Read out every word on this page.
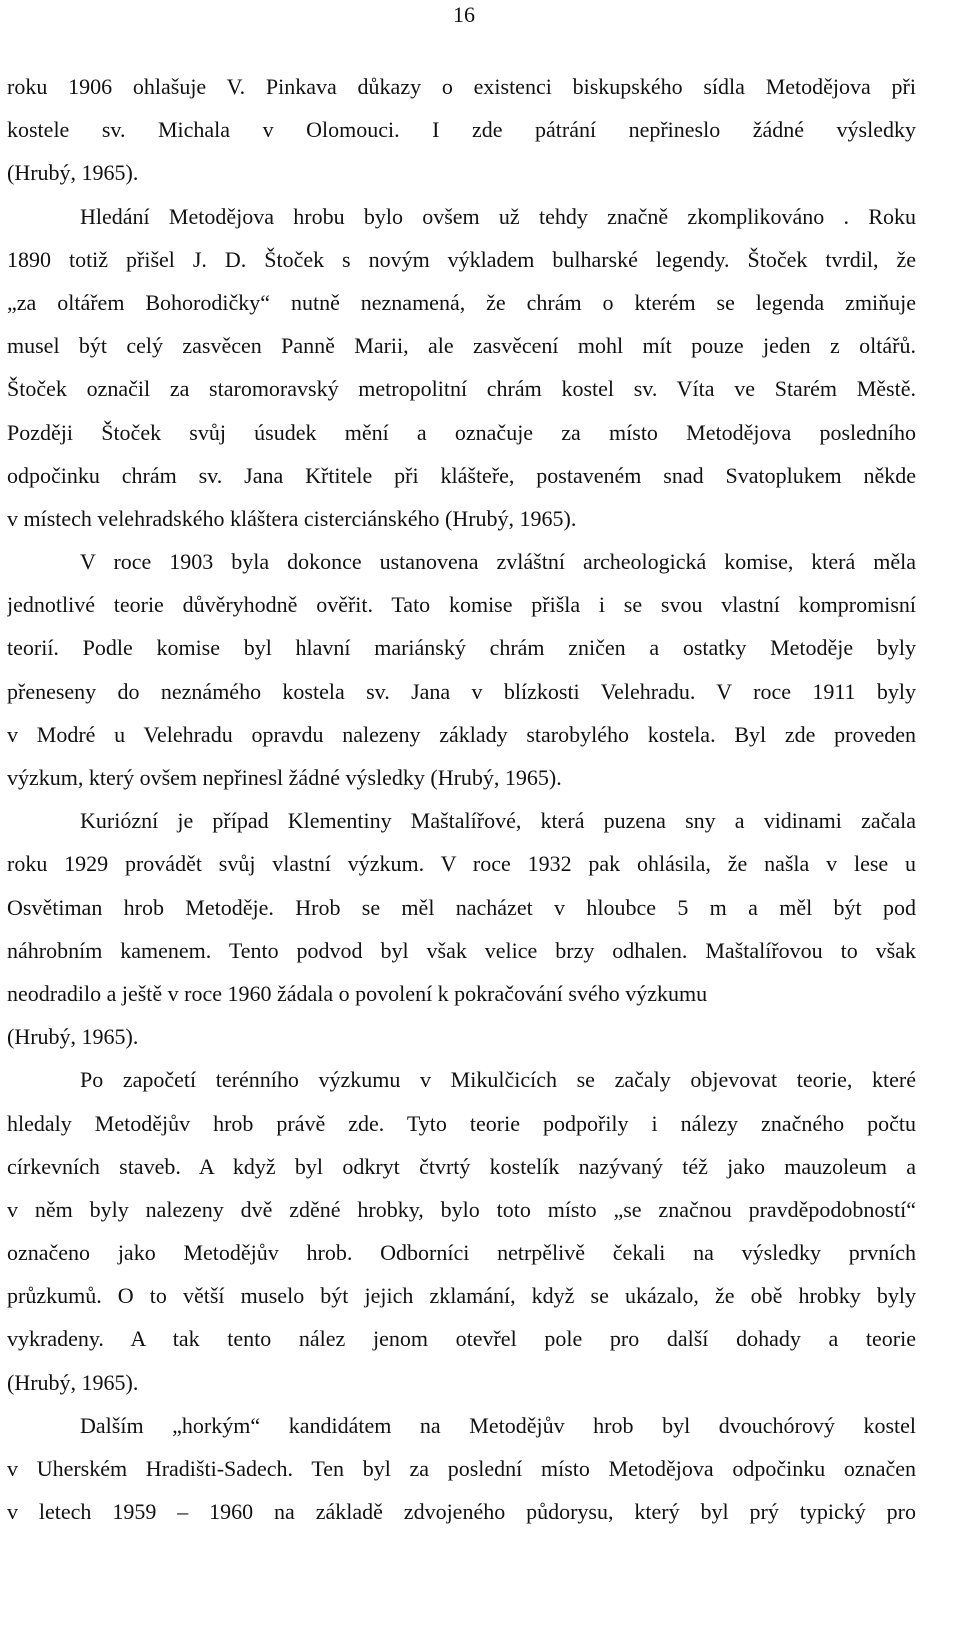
16

roku 1906 ohlašuje V. Pinkava důkazy o existenci biskupského sídla Metodějova při
kostele sv. Michala v Olomouci. I zde pátrání nepřineslo žádné výsledky
(Hrubý, 1965).

Hledání Metodějova hrobu bylo ovšem už tehdy značně zkomplikováno . Roku
1890 totiž přišel J. D. Štoček s novým výkladem bulharské legendy. Štoček tvrdil, že
„za oltářem Bohorodičky“ nutně neznamená, že chrám o kterém se legenda zmiňuje
musel být celý zasvěcen Panně Marii, ale zasvěcení mohl mít pouze jeden z oltářů.
Štoček označil za staromoravský metropolitní chrám kostel sv. Víta ve Starém Městě.
Později Štoček svůj úsudek mění a označuje za místo Metodějova posledního
odpočinku chrám sv. Jana Křtitele při klášteře, postaveném snad Svatoplukem někde
v místech velehradského kláštera cisterciánského (Hrubý, 1965).

V roce 1903 byla dokonce ustanovena zvláštní archeologická komise, která měla
jednotlivé teorie důvěryhodně ověřit. Tato komise přišla i se svou vlastní kompromisní
teorií. Podle komise byl hlavní mariánský chrám zničen a ostatky Metoděje byly
přeneseny do neznámého kostela sv. Jana v blízkosti Velehradu. V roce 1911 byly
v Modré u Velehradu opravdu nalezeny základy starobylého kostela. Byl zde proveden
výzkum, který ovšem nepřinesl žádné výsledky (Hrubý, 1965).

Kuriózní je případ Klementiny Maštalířové, která puzena sny a vidinami začala
roku 1929 provádět svůj vlastní výzkum. V roce 1932 pak ohlásila, že našla v lese u
Osvětiman hrob Metoděje. Hrob se měl nacházet v hloubce 5 m a měl být pod
náhrobním kamenem. Tento podvod byl však velice brzy odhalen. Maštalířovou to však
neodradilo a ještě v roce 1960 žádala o povolení k pokračování svého výzkumu
(Hrubý, 1965).

Po započetí terénního výzkumu v Mikulčicích se začaly objevovat teorie, které
hledaly Metodějův hrob právě zde. Tyto teorie podpořily i nálezy značného počtu
církevních staveb. A když byl odkryt čtvrtý kostelík nazývaný též jako mauzoleum a
v něm byly nalezeny dvě zděné hrobky, bylo toto místo „se značnou pravděpodobností“
označeno jako Metodějův hrob. Odborníci netrpělivě čekali na výsledky prvních
průzkumů. O to větší muselo být jejich zklamání, když se ukázalo, že obě hrobky byly
vykradeny. A tak tento nález jenom otevřel pole pro další dohady a teorie
(Hrubý, 1965).

Dalším „horkým“ kandidátem na Metodějův hrob byl dvouchórový kostel
v Uherském Hradišti-Sadech. Ten byl za poslední místo Metodějova odpočinku označen
v letech 1959 – 1960 na základě zdvojeného půdorysu, který byl prý typický pro
